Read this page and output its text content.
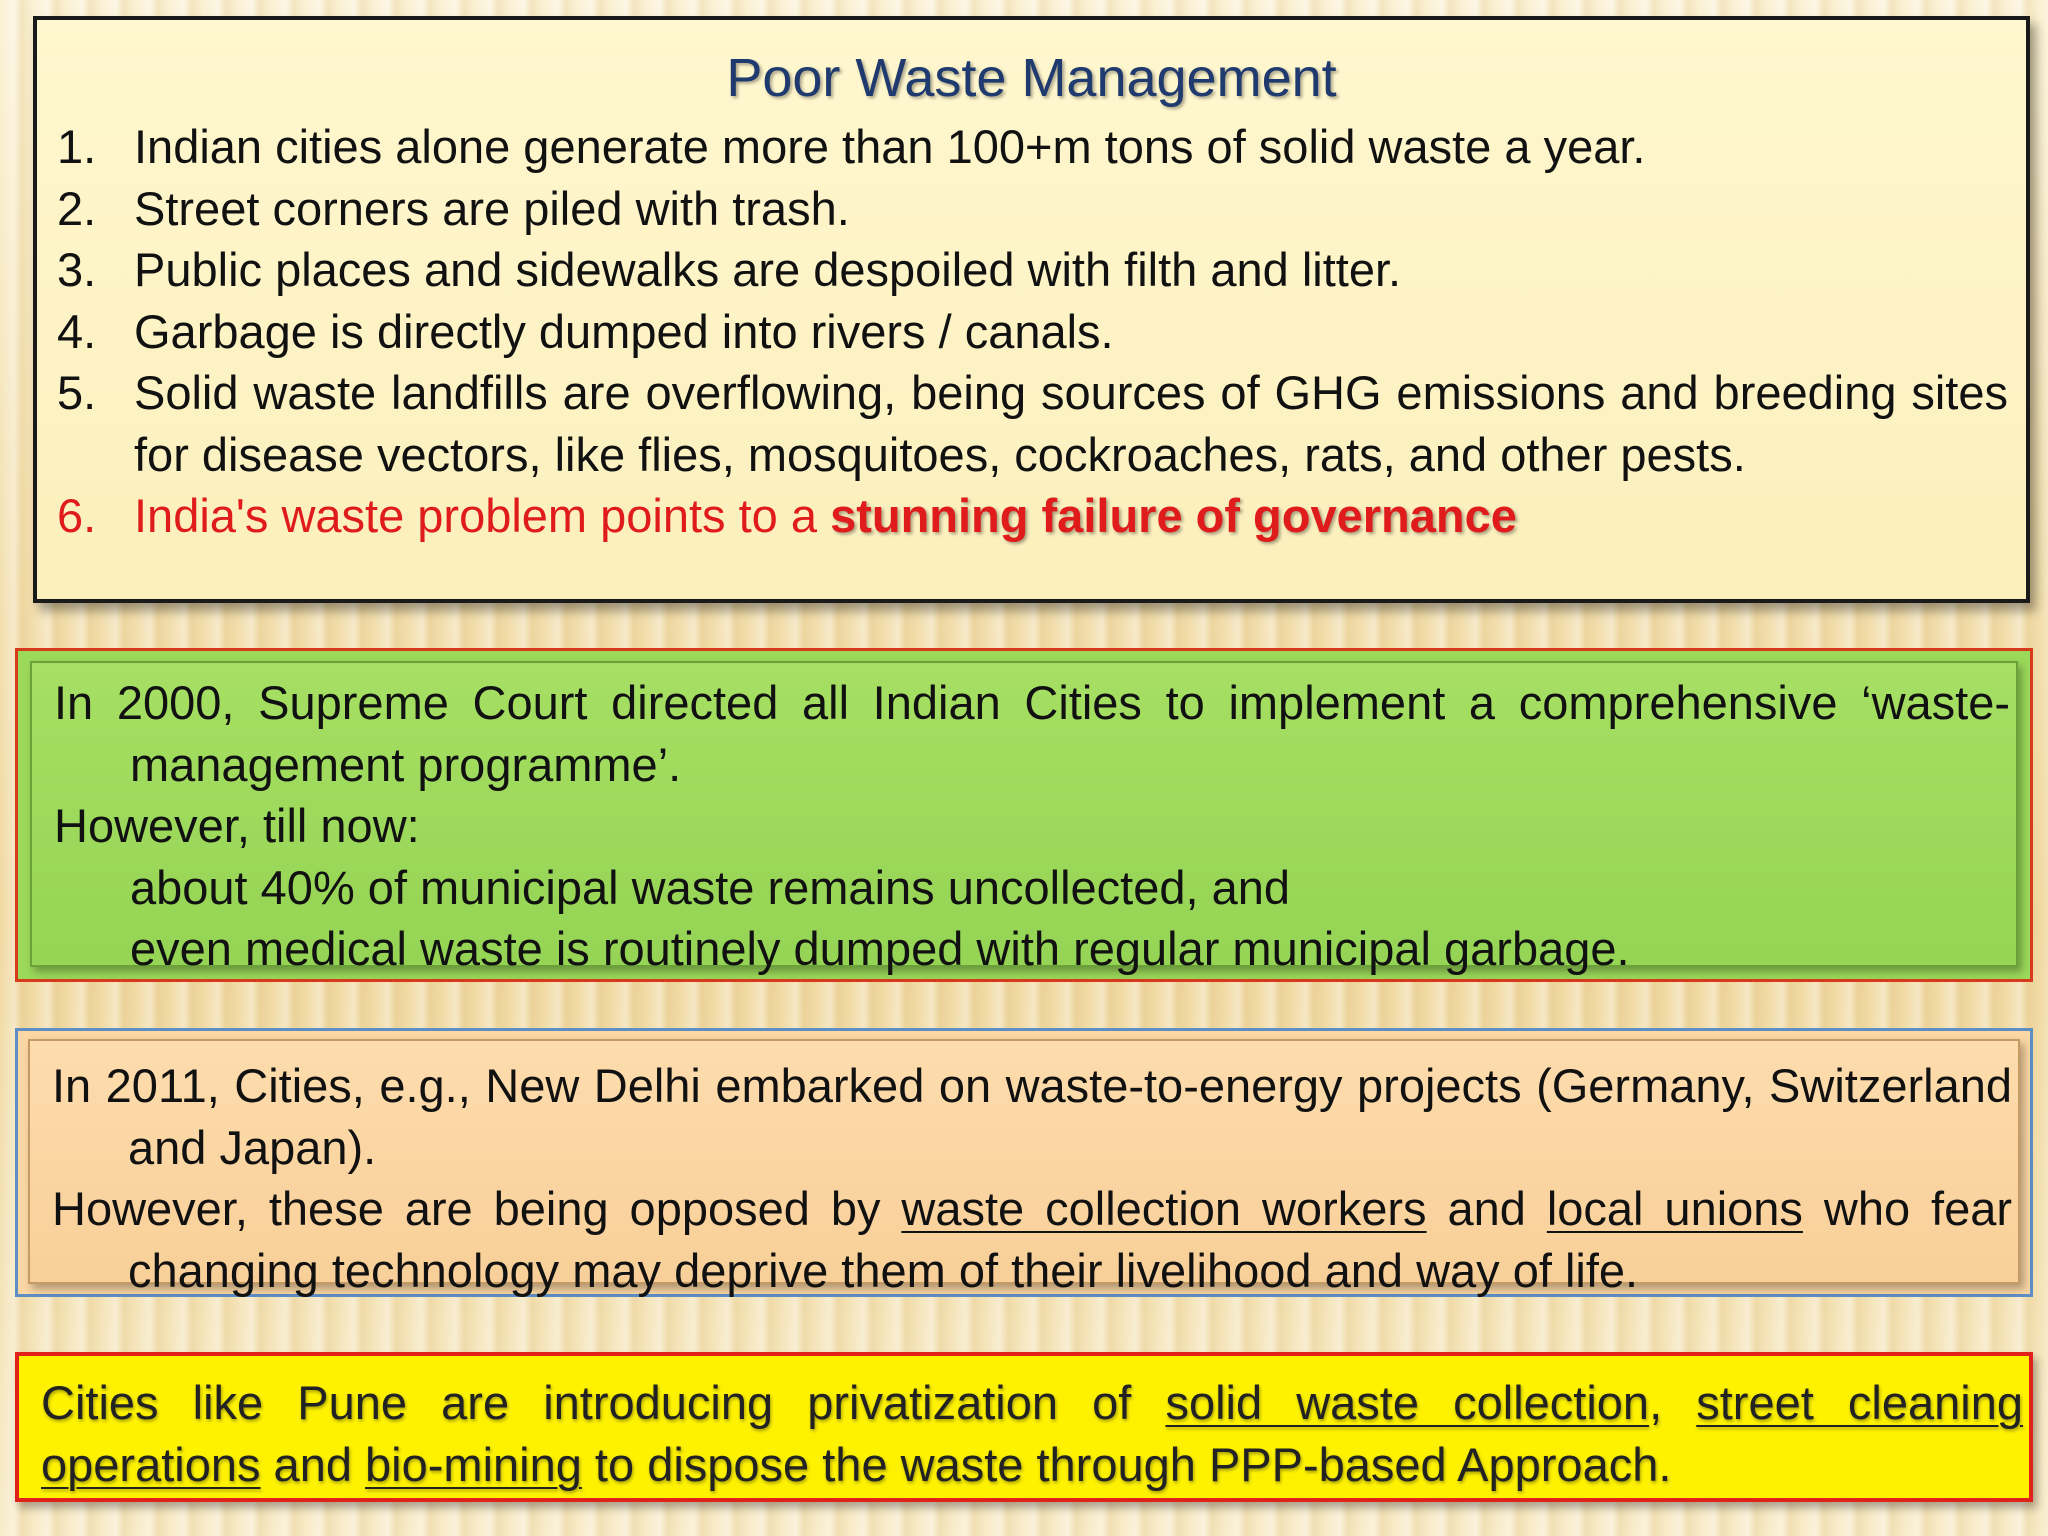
Poor Waste Management
1. Indian cities alone generate more than 100+m tons of solid waste a year.
2. Street corners are piled with trash.
3. Public places and sidewalks are despoiled with filth and litter.
4. Garbage is directly dumped into rivers / canals.
5. Solid waste landfills are overflowing, being sources of GHG emissions and breeding sites for disease vectors, like flies, mosquitoes, cockroaches, rats, and other pests.
6. India's waste problem points to a stunning failure of governance

In 2000, Supreme Court directed all Indian Cities to implement a comprehensive ‘waste-management programme’.

However, till now:

about 40% of municipal waste remains uncollected, and

even medical waste is routinely dumped with regular municipal garbage.

In 2011, Cities, e.g., New Delhi embarked on waste-to-energy projects (Germany, Switzerland and Japan).

However, these are being opposed by waste collection workers and local unions who fear changing technology may deprive them of their livelihood and way of life.

Cities like Pune are introducing privatization of solid waste collection, street cleaning operations and bio-mining to dispose the waste through PPP-based Approach.
